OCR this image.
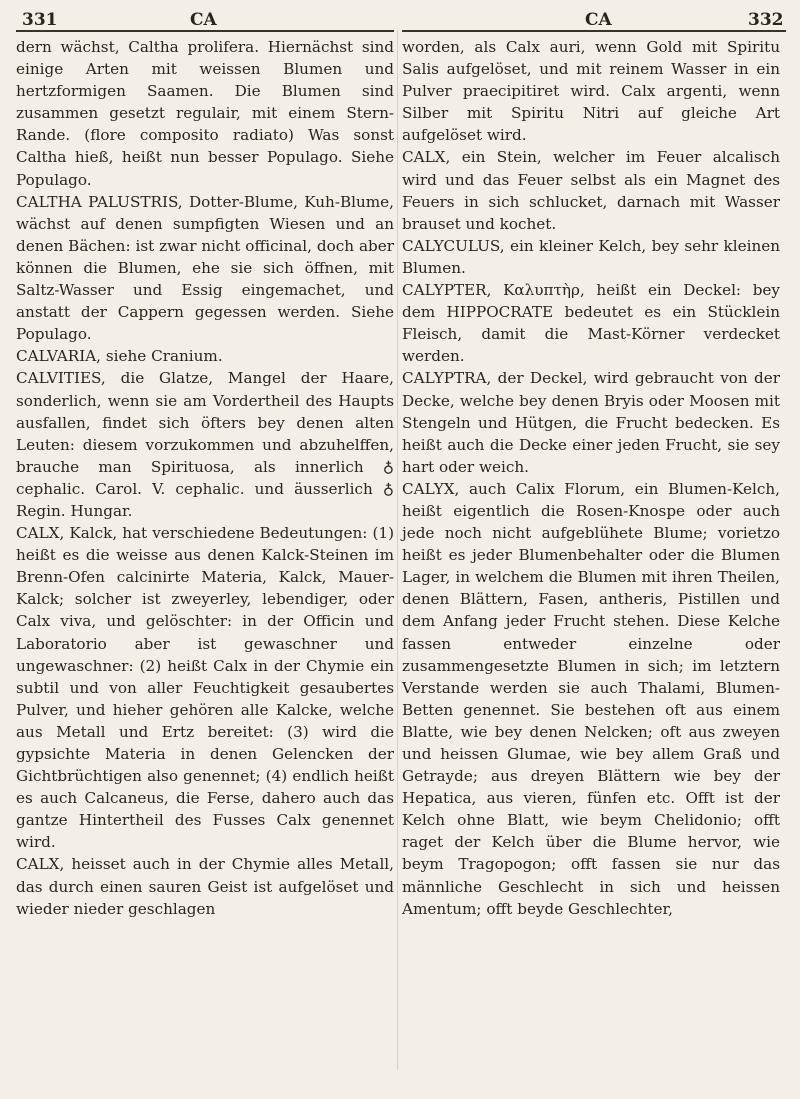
331	CA	CA	332

dern wächst, Caltha prolifera. Hiernächst sind einige Arten mit weissen Blumen und hertzformigen Saamen. Die Blumen sind zusammen gesetzt regulair, mit einem Stern-Rande. (flore composito radiato) Was sonst Caltha hieß, heißt nun besser Populago. Siehe Populago.

CALTHA PALUSTRIS, Dotter-Blume, Kuh-Blume, wächst auf denen sumpfigten Wiesen und an denen Bächen: ist zwar nicht officinal, doch aber können die Blumen, ehe sie sich öffnen, mit Saltz-Wasser und Essig eingemachet, und anstatt der Cappern gegessen werden. Siehe Populago.

CALVARIA, siehe Cranium.

CALVITIES, die Glatze, Mangel der Haare, sonderlich, wenn sie am Vordertheil des Haupts ausfallen, findet sich öfters bey denen alten Leuten: diesem vorzukommen und abzuhelffen, brauche man Spirituosa, als innerlich ♁ cephalic. Carol. V. cephalic. und äusserlich ♁ Regin. Hungar.

CALX, Kalck, hat verschiedene Bedeutungen: (1) heißt es die weisse aus denen Kalck-Steinen im Brenn-Ofen calcinirte Materia, Kalck, Mauer-Kalck; solcher ist zweyerley, lebendiger, oder Calx viva, und gelöschter: in der Officin und Laboratorio aber ist gewaschner und ungewaschner: (2) heißt Calx in der Chymie ein subtil und von aller Feuchtigkeit gesaubertes Pulver, und hieher gehören alle Kalcke, welche aus Metall und Ertz bereitet: (3) wird die gypsichte Materia in denen Gelencken der Gichtbrüchtigen also genennet; (4) endlich heißt es auch Calcaneus, die Ferse, dahero auch das gantze Hintertheil des Fusses Calx genennet wird.

CALX, heisset auch in der Chymie alles Metall, das durch einen sauren Geist ist aufgelöset und wieder nieder geschlagen

worden, als Calx auri, wenn Gold mit Spiritu Salis aufgelöset, und mit reinem Wasser in ein Pulver praecipitiret wird. Calx argenti, wenn Silber mit Spiritu Nitri auf gleiche Art aufgelöset wird.

CALX, ein Stein, welcher im Feuer alcalisch wird und das Feuer selbst als ein Magnet des Feuers in sich schlucket, darnach mit Wasser brauset und kochet.

CALYCULUS, ein kleiner Kelch, bey sehr kleinen Blumen.

CALYPTER, Καλυπτὴρ, heißt ein Deckel: bey dem HIPPOCRATE bedeutet es ein Stücklein Fleisch, damit die Mast-Körner verdecket werden.

CALYPTRA, der Deckel, wird gebraucht von der Decke, welche bey denen Bryis oder Moosen mit Stengeln und Hütgen, die Frucht bedecken. Es heißt auch die Decke einer jeden Frucht, sie sey hart oder weich.

CALYX, auch Calix Florum, ein Blumen-Kelch, heißt eigentlich die Rosen-Knospe oder auch jede noch nicht aufgeblühete Blume; vorietzo heißt es jeder Blumenbehalter oder die Blumen Lager, in welchem die Blumen mit ihren Theilen, denen Blättern, Fasen, antheris, Pistillen und dem Anfang jeder Frucht stehen. Diese Kelche fassen entweder einzelne oder zusammengesetzte Blumen in sich; im letztern Verstande werden sie auch Thalami, Blumen-Betten genennet. Sie bestehen oft aus einem Blatte, wie bey denen Nelcken; oft aus zweyen und heissen Glumae, wie bey allem Graß und Getrayde; aus dreyen Blättern wie bey der Hepatica, aus vieren, fünfen etc. Offt ist der Kelch ohne Blatt, wie beym Chelidonio; offt raget der Kelch über die Blume hervor, wie beym Tragopogon; offt fassen sie nur das männliche Geschlecht in sich und heissen Amentum; offt beyde Geschlechter,
